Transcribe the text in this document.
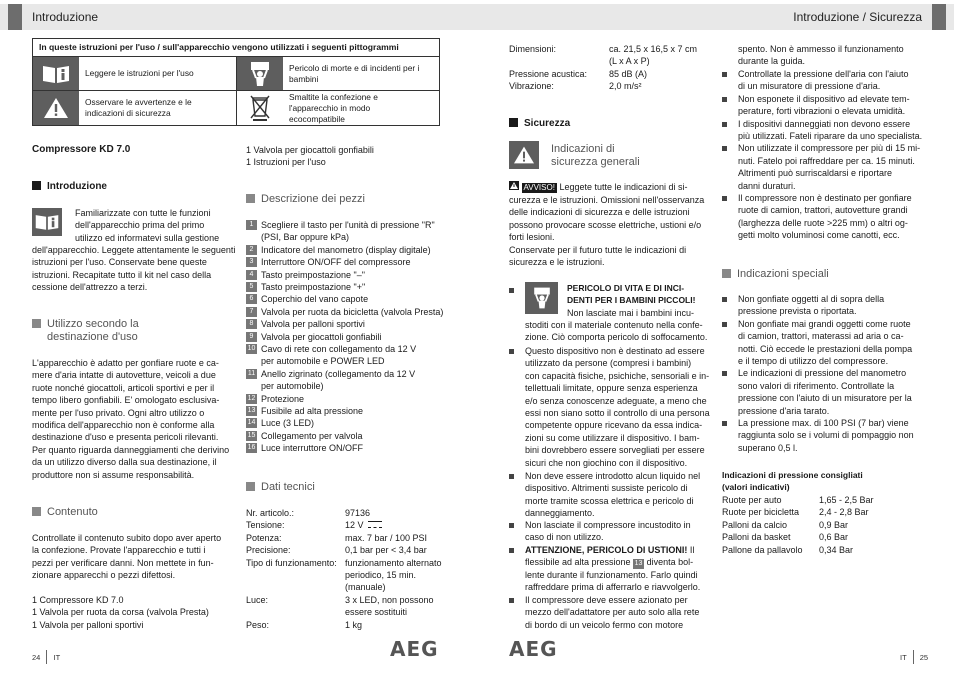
Introduzione	Introduzione / Sicurezza
In queste istruzioni per l'uso / sull'apparecchio vengono utilizzati i seguenti pittogrammi
Leggere le istruzioni per l'uso
Pericolo di morte e di incidenti per i bambini
Osservare le avvertenze e le indicazioni di sicurezza
Smaltite la confezione e l'apparecchio in modo ecocompatibile
Compressore KD 7.0
Introduzione
Familiarizzate con tutte le funzioni
dell'apparecchio prima del primo
utilizzo ed informatevi sulla gestione
dell'apparecchio. Leggete attentamente le seguenti
istruzioni per l'uso. Conservate bene queste
istruzioni. Recapitate tutto il kit nel caso della
cessione dell'attrezzo a terzi.
Utilizzo secondo la
destinazione d'uso
L'apparecchio è adatto per gonfiare ruote e ca-
mere d'aria intatte di autovetture, veicoli a due
ruote nonché giocattoli, articoli sportivi e per il
tempo libero gonfiabili. E' omologato esclusiva-
mente per l'uso privato. Ogni altro utilizzo o
modifica dell'apparecchio non è conforme alla
destinazione d'uso e presenta pericoli rilevanti.
Per quanto riguarda danneggiamenti che derivino
da un utilizzo diverso dalla sua destinazione, il
produttore non si assume responsabilità.
Contenuto
Controllate il contenuto subito dopo aver aperto
la confezione. Provate l'apparecchio e tutti i
pezzi per verificare danni. Non mettete in fun-
zionare apparecchi o pezzi difettosi.
1 Compressore KD 7.0
1 Valvola per ruota da corsa (valvola Presta)
1 Valvola per palloni sportivi
1 Valvola per giocattoli gonfiabili
1 Istruzioni per l'uso
Descrizione dei pezzi
1 Scegliere il tasto per l'unità di pressione "R"
(PSI, Bar oppure kPa)
2 Indicatore del manometro (display digitale)
3 Interruttore ON/OFF del compressore
4 Tasto preimpostazione "–"
5 Tasto preimpostazione "+"
6 Coperchio del vano capote
7 Valvola per ruota da bicicletta (valvola Presta)
8 Valvola per palloni sportivi
9 Valvola per giocattoli gonfiabili
10 Cavo di rete con collegamento da 12 V
per automobile e POWER LED
11 Anello zigrinato (collegamento da 12 V
per automobile)
12 Protezione
13 Fusibile ad alta pressione
14 Luce (3 LED)
15 Collegamento per valvola
16 Luce interruttore ON/OFF
Dati tecnici
Nr. articolo.:	97136
Tensione:	12 V
Potenza:	max. 7 bar / 100 PSI
Precisione:	0,1 bar per < 3,4 bar
Tipo di funzionamento: funzionamento alternato
periodico, 15 min.
(manuale)
Luce:	3 x LED, non possono
essere sostituiti
Peso:	1 kg
Dimensioni:	ca. 21,5 x 16,5 x 7 cm
(L x A x P)
Pressione acustica: 85 dB (A)
Vibrazione:	2,0 m/s²
Sicurezza
Indicazioni di
sicurezza generali
AVVISO! Leggete tutte le indicazioni di si-
curezza e le istruzioni. Omissioni nell'osservanza
delle indicazioni di sicurezza e delle istruzioni
possono provocare scosse elettriche, ustioni e/o
forti lesioni.
Conservate per il futuro tutte le indicazioni di
sicurezza e le istruzioni.
PERICOLO DI VITA E DI INCI-
DENTI PER I BAMBINI PICCOLI!
Non lasciate mai i bambini incu-
stoditi con il materiale contenuto nella confe-
zione. Ciò comporta pericolo di soffocamento.
Questo dispositivo non è destinato ad essere
utilizzato da persone (compresi i bambini)
con capacità fisiche, psichiche, sensoriali e in-
tellettuali limitate, oppure senza esperienza
e/o senza conoscenze adeguate, a meno che
essi non siano sotto il controllo di una persona
competente oppure ricevano da essa indica-
zioni su come utilizzare il dispositivo. I bam-
bini dovrebbero essere sorvegliati per essere
sicuri che non giochino con il dispositivo.
Non deve essere introdotto alcun liquido nel
dispositivo. Altrimenti sussiste pericolo di
morte tramite scossa elettrica e pericolo di
danneggiamento.
Non lasciate il compressore incustodito in
caso di non utilizzo.
ATTENZIONE, PERICOLO DI USTIONI! Il
flessibile ad alta pressione 13 diventa bol-
lente durante il funzionamento. Farlo quindi
raffreddare prima di afferrarlo e riavvolgerlo.
Il compressore deve essere azionato per
mezzo dell'adattatore per auto solo alla rete
di bordo di un veicolo fermo con motore
spento. Non è ammesso il funzionamento
durante la guida.
Controllate la pressione dell'aria con l'aiuto
di un misuratore di pressione d'aria.
Non esponete il dispositivo ad elevate tem-
perature, forti vibrazioni o elevata umidità.
I dispositivi danneggiati non devono essere
più utilizzati. Fateli riparare da uno specialista.
Non utilizzate il compressore per più di 15 mi-
nuti. Fatelo poi raffreddare per ca. 15 minuti.
Altrimenti può surriscaldarsi e riportare
danni duraturi.
Il compressore non è destinato per gonfiare
ruote di camion, trattori, autovetture grandi
(larghezza delle ruote >225 mm) o altri og-
getti molto voluminosi come canotti, ecc.
Indicazioni speciali
Non gonfiate oggetti al di sopra della
pressione prevista o riportata.
Non gonfiate mai grandi oggetti come ruote
di camion, trattori, materassi ad aria o ca-
notti. Ciò eccede le prestazioni della pompa
e il tempo di utilizzo del compressore.
Le indicazioni di pressione del manometro
sono valori di riferimento. Controllate la
pressione con l'aiuto di un misuratore per la
pressione d'aria tarato.
La pressione max. di 100 PSI (7 bar) viene
raggiunta solo se i volumi di pompaggio non
superano 0,5 l.
Indicazioni di pressione consigliati
(valori indicativi)
Ruote per auto	1,65 - 2,5 Bar
Ruote per bicicletta 2,4 - 2,8 Bar
Palloni da calcio	0,9 Bar
Palloni da basket	0,6 Bar
Pallone da pallavolo 0,34 Bar
24 IT	AEG	AEG	IT 25
